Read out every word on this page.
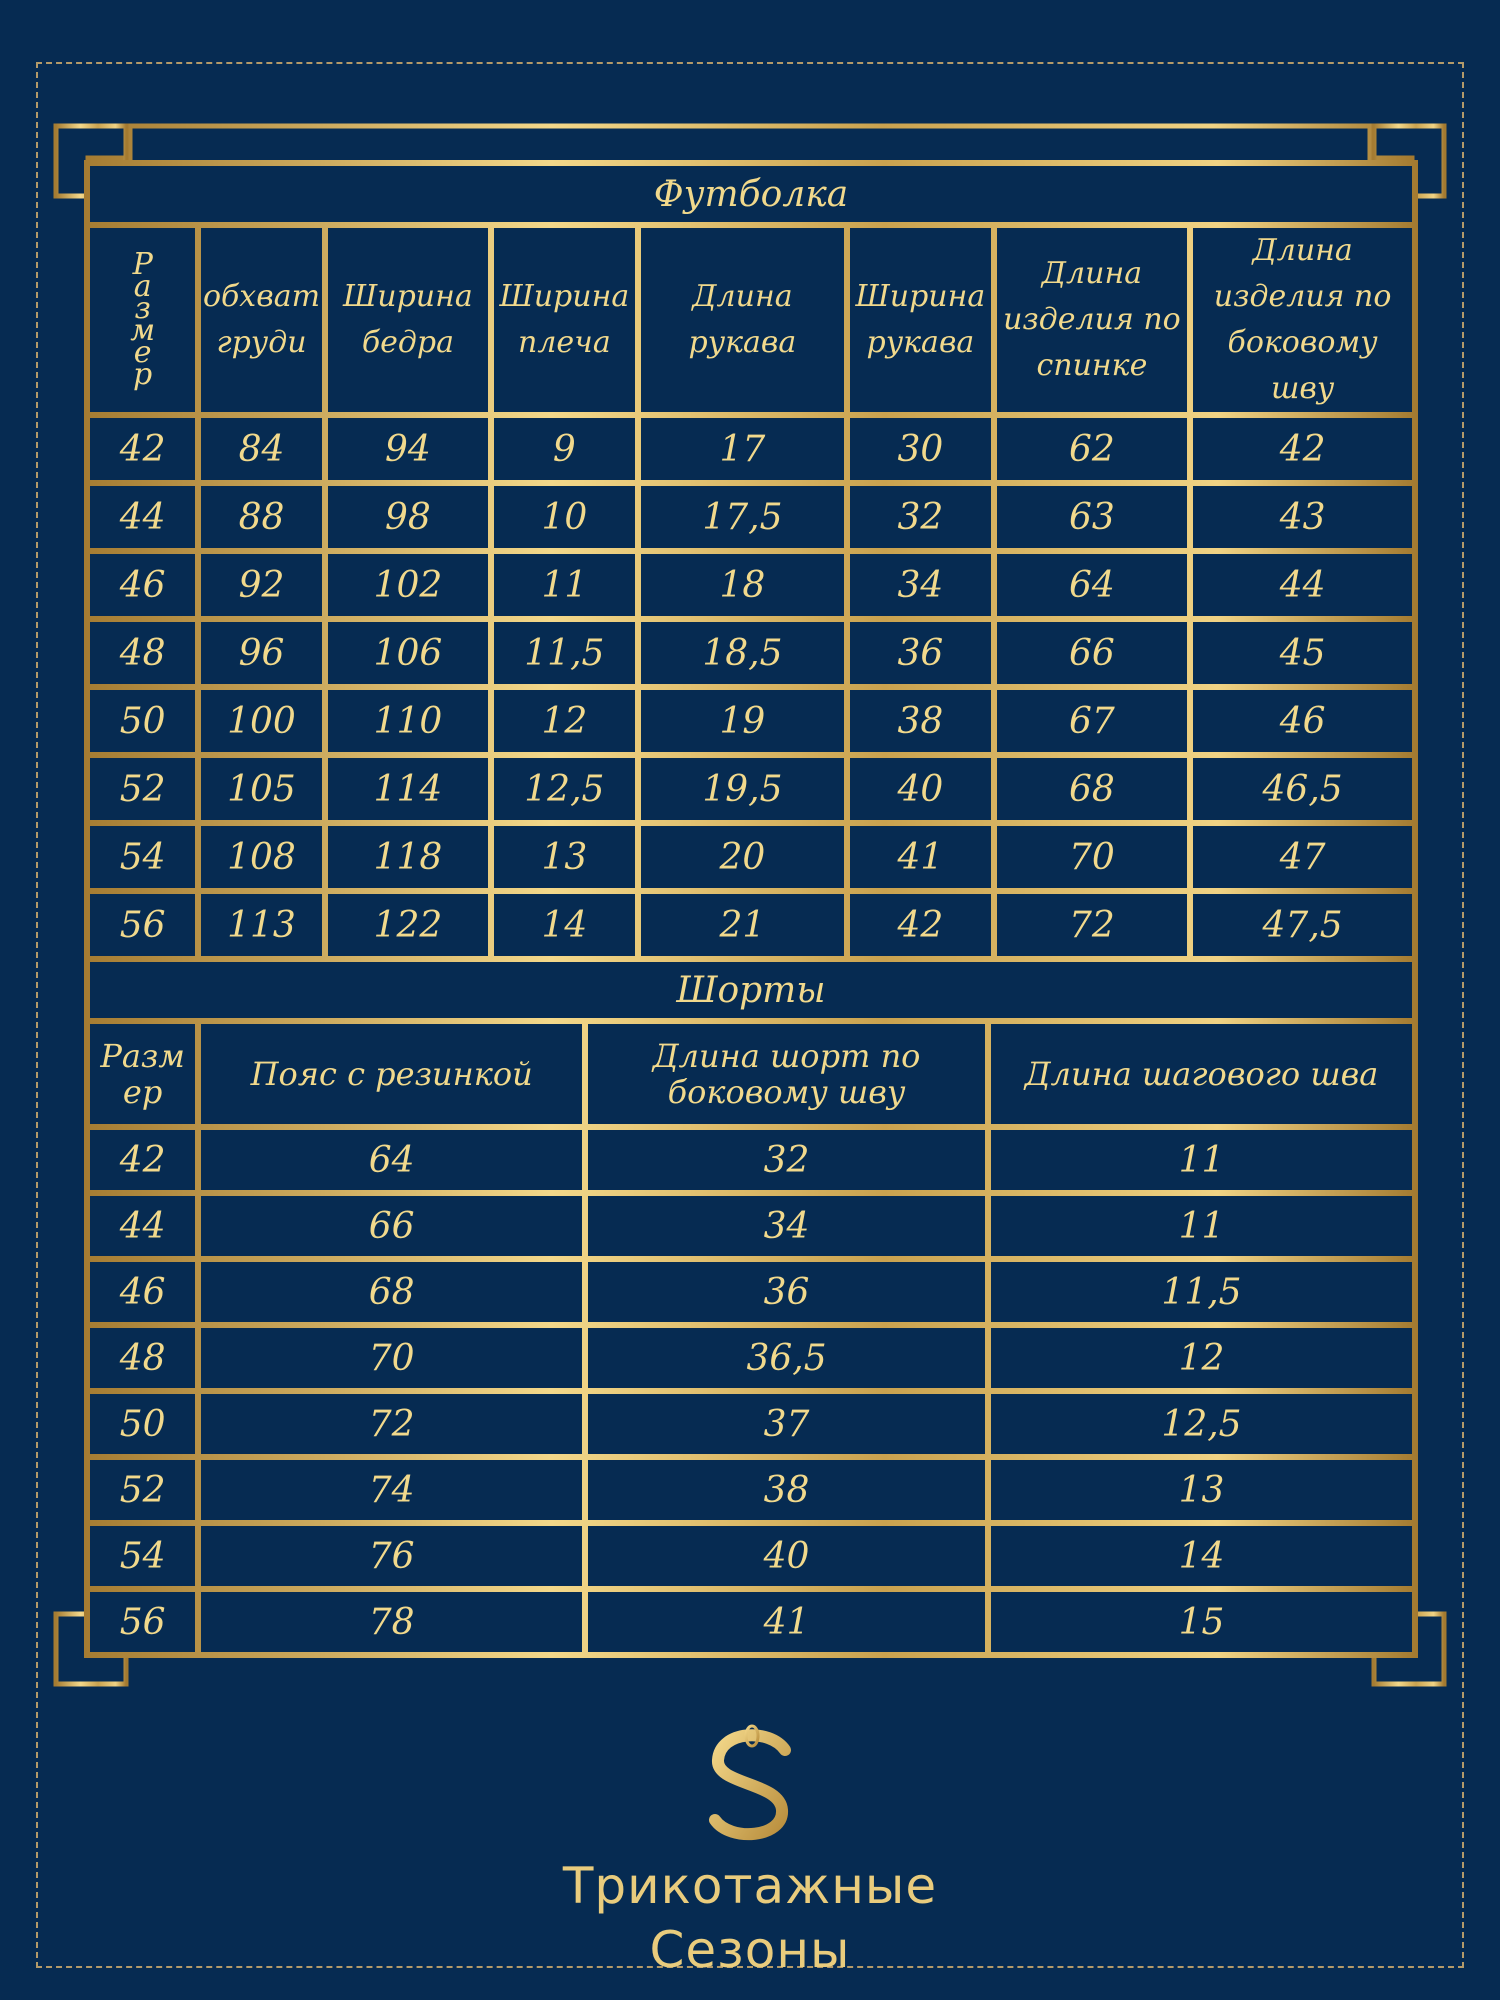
Футболка							
Размер	обхват груди	Ширина бедра	Ширина плеча	Длина рукава	Ширина рукава	Длина изделия по спинке	Длина изделия по боковому шву
42	84	94	9	17	30	62	42
44	88	98	10	17,5	32	63	43
46	92	102	11	18	34	64	44
48	96	106	11,5	18,5	36	66	45
50	100	110	12	19	38	67	46
52	105	114	12,5	19,5	40	68	46,5
54	108	118	13	20	41	70	47
56	113	122	14	21	42	72	47,5
Шорты			
Размер	Пояс с резинкой	Длина шорт по боковому шву	Длина шагового шва
42	64	32	11
44	66	34	11
46	68	36	11,5
48	70	36,5	12
50	72	37	12,5
52	74	38	13
54	76	40	14
56	78	41	15
Трикотажные
Сезоны
